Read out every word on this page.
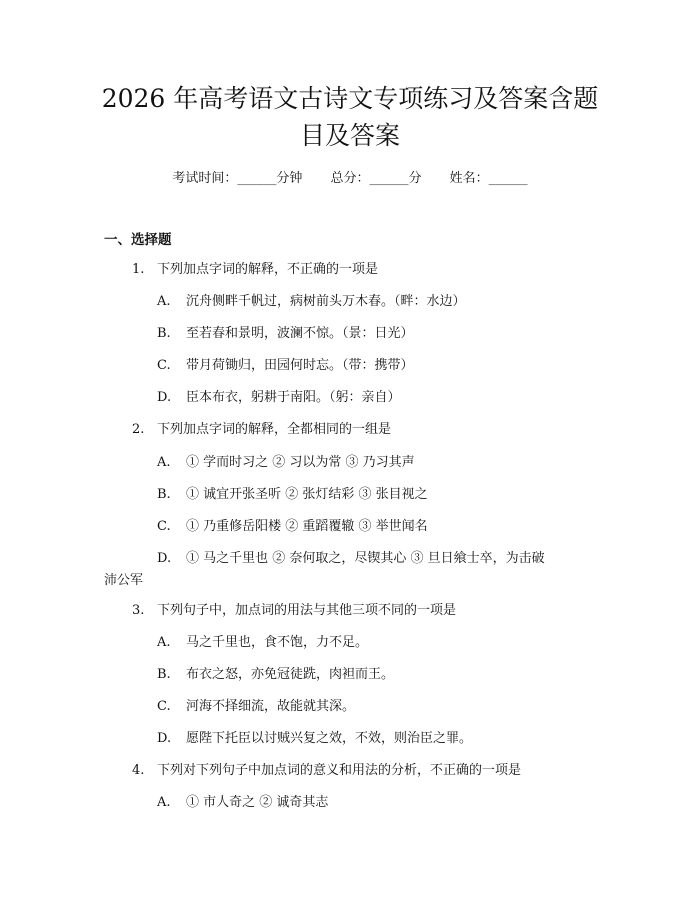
2026 年高考语文古诗文专项练习及答案含题目及答案
考试时间：______分钟 总分：______分 姓名：______
一、选择题
1. 下列加点字词的解释，不正确的一项是
A. 沉舟侧畔千帆过，病树前头万木春。（畔：水边）
B. 至若春和景明，波澜不惊。（景：日光）
C. 带月荷锄归，田园何时忘。（带：携带）
D. 臣本布衣，躬耕于南阳。（躬：亲自）
2. 下列加点字词的解释，全都相同的一组是
A. ① 学而时习之 ② 习以为常 ③ 乃习其声
B. ① 诚宜开张圣听 ② 张灯结彩 ③ 张目视之
C. ① 乃重修岳阳楼 ② 重蹈覆辙 ③ 举世闻名
D. ① 马之千里也 ② 奈何取之，尽锲其心 ③ 旦日飨士卒，为击破
沛公军
3. 下列句子中，加点词的用法与其他三项不同的一项是
A. 马之千里也，食不饱，力不足。
B. 布衣之怒，亦免冠徒跣，肉袒而王。
C. 河海不择细流，故能就其深。
D. 愿陛下托臣以讨贼兴复之效，不效，则治臣之罪。
4. 下列对下列句子中加点词的意义和用法的分析，不正确的一项是
A. ① 市人奇之 ② 诚奇其志
